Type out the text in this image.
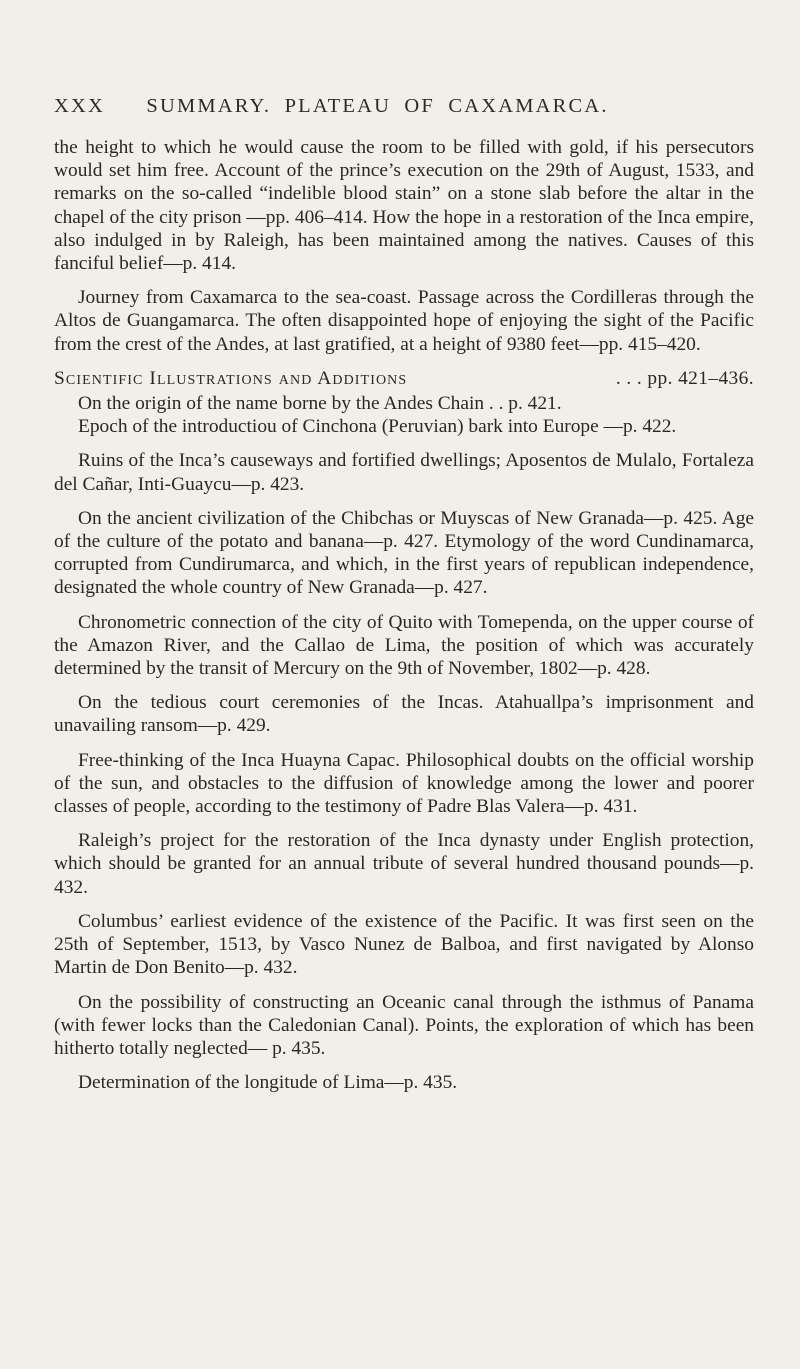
XXX SUMMARY. PLATEAU OF CAXAMARCA.

the height to which he would cause the room to be filled with gold, if his persecutors would set him free. Account of the prince’s execution on the 29th of August, 1533, and remarks on the so-called “indelible blood stain” on a stone slab before the altar in the chapel of the city prison —pp. 406–414. How the hope in a restoration of the Inca empire, also indulged in by Raleigh, has been maintained among the natives. Causes of this fanciful belief—p. 414.

Journey from Caxamarca to the sea-coast. Passage across the Cordilleras through the Altos de Guangamarca. The often disappointed hope of enjoying the sight of the Pacific from the crest of the Andes, at last gratified, at a height of 9380 feet—pp. 415–420.

Scientific Illustrations and Additions	. . . pp. 421–436.

On the origin of the name borne by the Andes Chain . . p. 421.

Epoch of the introductiou of Cinchona (Peruvian) bark into Europe —p. 422.

Ruins of the Inca’s causeways and fortified dwellings; Aposentos de Mulalo, Fortaleza del Cañar, Inti-Guaycu—p. 423.

On the ancient civilization of the Chibchas or Muyscas of New Granada—p. 425. Age of the culture of the potato and banana—p. 427. Etymology of the word Cundinamarca, corrupted from Cundirumarca, and which, in the first years of republican independence, designated the whole country of New Granada—p. 427.

Chronometric connection of the city of Quito with Tomependa, on the upper course of the Amazon River, and the Callao de Lima, the position of which was accurately determined by the transit of Mercury on the 9th of November, 1802—p. 428.

On the tedious court ceremonies of the Incas. Atahuallpa’s imprisonment and unavailing ransom—p. 429.

Free-thinking of the Inca Huayna Capac. Philosophical doubts on the official worship of the sun, and obstacles to the diffusion of knowledge among the lower and poorer classes of people, according to the testimony of Padre Blas Valera—p. 431.

Raleigh’s project for the restoration of the Inca dynasty under English protection, which should be granted for an annual tribute of several hundred thousand pounds—p. 432.

Columbus’ earliest evidence of the existence of the Pacific. It was first seen on the 25th of September, 1513, by Vasco Nunez de Balboa, and first navigated by Alonso Martin de Don Benito—p. 432.

On the possibility of constructing an Oceanic canal through the isthmus of Panama (with fewer locks than the Caledonian Canal). Points, the exploration of which has been hitherto totally neglected— p. 435.

Determination of the longitude of Lima—p. 435.
